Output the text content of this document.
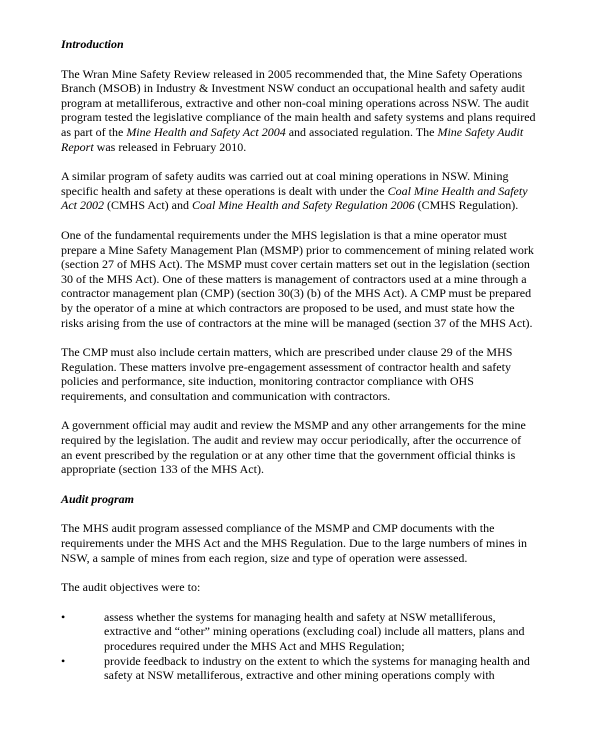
Introduction

The Wran Mine Safety Review released in 2005 recommended that, the Mine Safety Operations Branch (MSOB) in Industry & Investment NSW conduct an occupational health and safety audit program at metalliferous, extractive and other non-coal mining operations across NSW. The audit program tested the legislative compliance of the main health and safety systems and plans required as part of the Mine Health and Safety Act 2004 and associated regulation. The Mine Safety Audit Report was released in February 2010.

A similar program of safety audits was carried out at coal mining operations in NSW. Mining specific health and safety at these operations is dealt with under the Coal Mine Health and Safety Act 2002 (CMHS Act) and Coal Mine Health and Safety Regulation 2006 (CMHS Regulation).

One of the fundamental requirements under the MHS legislation is that a mine operator must prepare a Mine Safety Management Plan (MSMP) prior to commencement of mining related work (section 27 of MHS Act). The MSMP must cover certain matters set out in the legislation (section 30 of the MHS Act). One of these matters is management of contractors used at a mine through a contractor management plan (CMP) (section 30(3) (b) of the MHS Act). A CMP must be prepared by the operator of a mine at which contractors are proposed to be used, and must state how the risks arising from the use of contractors at the mine will be managed (section 37 of the MHS Act).

The CMP must also include certain matters, which are prescribed under clause 29 of the MHS Regulation. These matters involve pre-engagement assessment of contractor health and safety policies and performance, site induction, monitoring contractor compliance with OHS requirements, and consultation and communication with contractors.

A government official may audit and review the MSMP and any other arrangements for the mine required by the legislation. The audit and review may occur periodically, after the occurrence of an event prescribed by the regulation or at any other time that the government official thinks is appropriate (section 133 of the MHS Act).

Audit program

The MHS audit program assessed compliance of the MSMP and CMP documents with the requirements under the MHS Act and the MHS Regulation. Due to the large numbers of mines in NSW, a sample of mines from each region, size and type of operation were assessed.

The audit objectives were to:

•	assess whether the systems for managing health and safety at NSW metalliferous, extractive and “other” mining operations (excluding coal) include all matters, plans and procedures required under the MHS Act and MHS Regulation;
•	provide feedback to industry on the extent to which the systems for managing health and safety at NSW metalliferous, extractive and other mining operations comply with
